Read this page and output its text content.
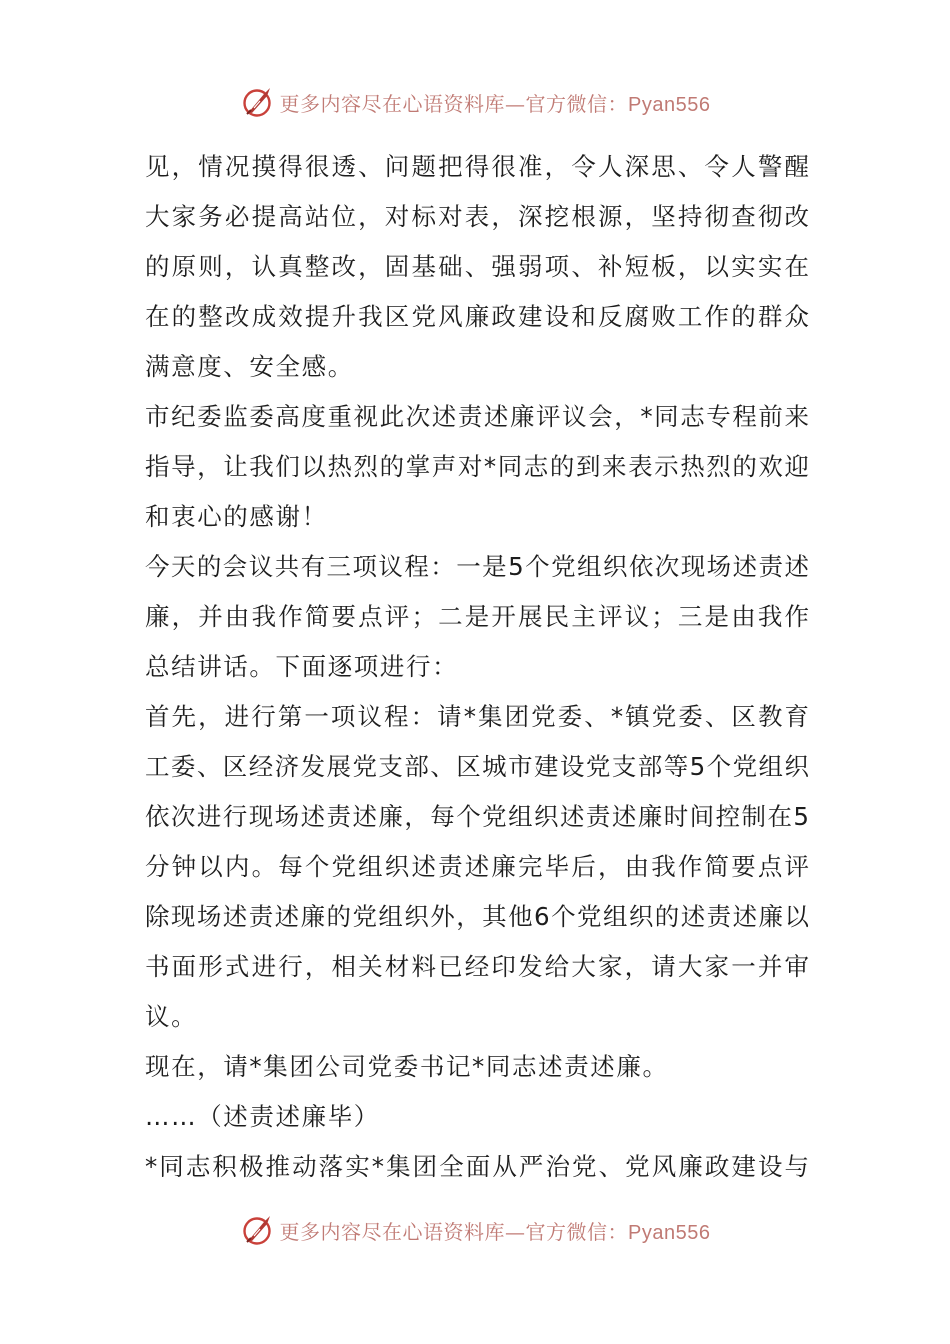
更多内容尽在心语资料库—官方微信：Pyan556
见，情况摸得很透、问题把得很准，令人深思、令人警醒
大家务必提高站位，对标对表，深挖根源，坚持彻查彻改
的原则，认真整改，固基础、强弱项、补短板，以实实在
在的整改成效提升我区党风廉政建设和反腐败工作的群众
满意度、安全感。
市纪委监委高度重视此次述责述廉评议会，*同志专程前来
指导，让我们以热烈的掌声对*同志的到来表示热烈的欢迎
和衷心的感谢！
今天的会议共有三项议程：一是5个党组织依次现场述责述
廉，并由我作简要点评；二是开展民主评议；三是由我作
总结讲话。下面逐项进行：
首先，进行第一项议程：请*集团党委、*镇党委、区教育
工委、区经济发展党支部、区城市建设党支部等5个党组织
依次进行现场述责述廉，每个党组织述责述廉时间控制在5
分钟以内。每个党组织述责述廉完毕后，由我作简要点评
除现场述责述廉的党组织外，其他6个党组织的述责述廉以
书面形式进行，相关材料已经印发给大家，请大家一并审
议。
现在，请*集团公司党委书记*同志述责述廉。
……（述责述廉毕）
*同志积极推动落实*集团全面从严治党、党风廉政建设与
更多内容尽在心语资料库—官方微信：Pyan556
